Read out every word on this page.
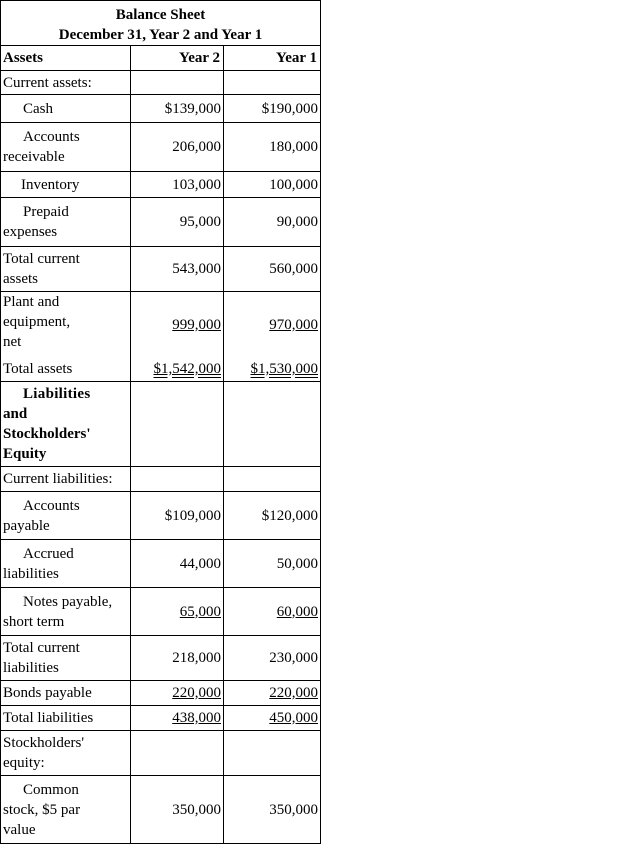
Balance Sheet
December 31, Year 2 and Year 1		

Assets	Year 2	Year 1
Current assets:		
Cash	$139,000	$190,000

Accounts
receivable	206,000	180,000
Inventory	103,000	100,000

Prepaid
expenses	95,000	90,000

Total current
assets	543,000	560,000

Plant and
equipment,
net	999,000	970,000
Total assets	$1,542,000	$1,530,000

Liabilities
and
Stockholders'
Equity		

Current liabilities:		

Accounts
payable	$109,000	$120,000

Accrued
liabilities	44,000	50,000

Notes payable,
short term	65,000	60,000

Total current
liabilities	218,000	230,000
Bonds payable	220,000	220,000
Total liabilities	438,000	450,000

Stockholders'
equity:		

Common
stock, $5 par
value	350,000	350,000
